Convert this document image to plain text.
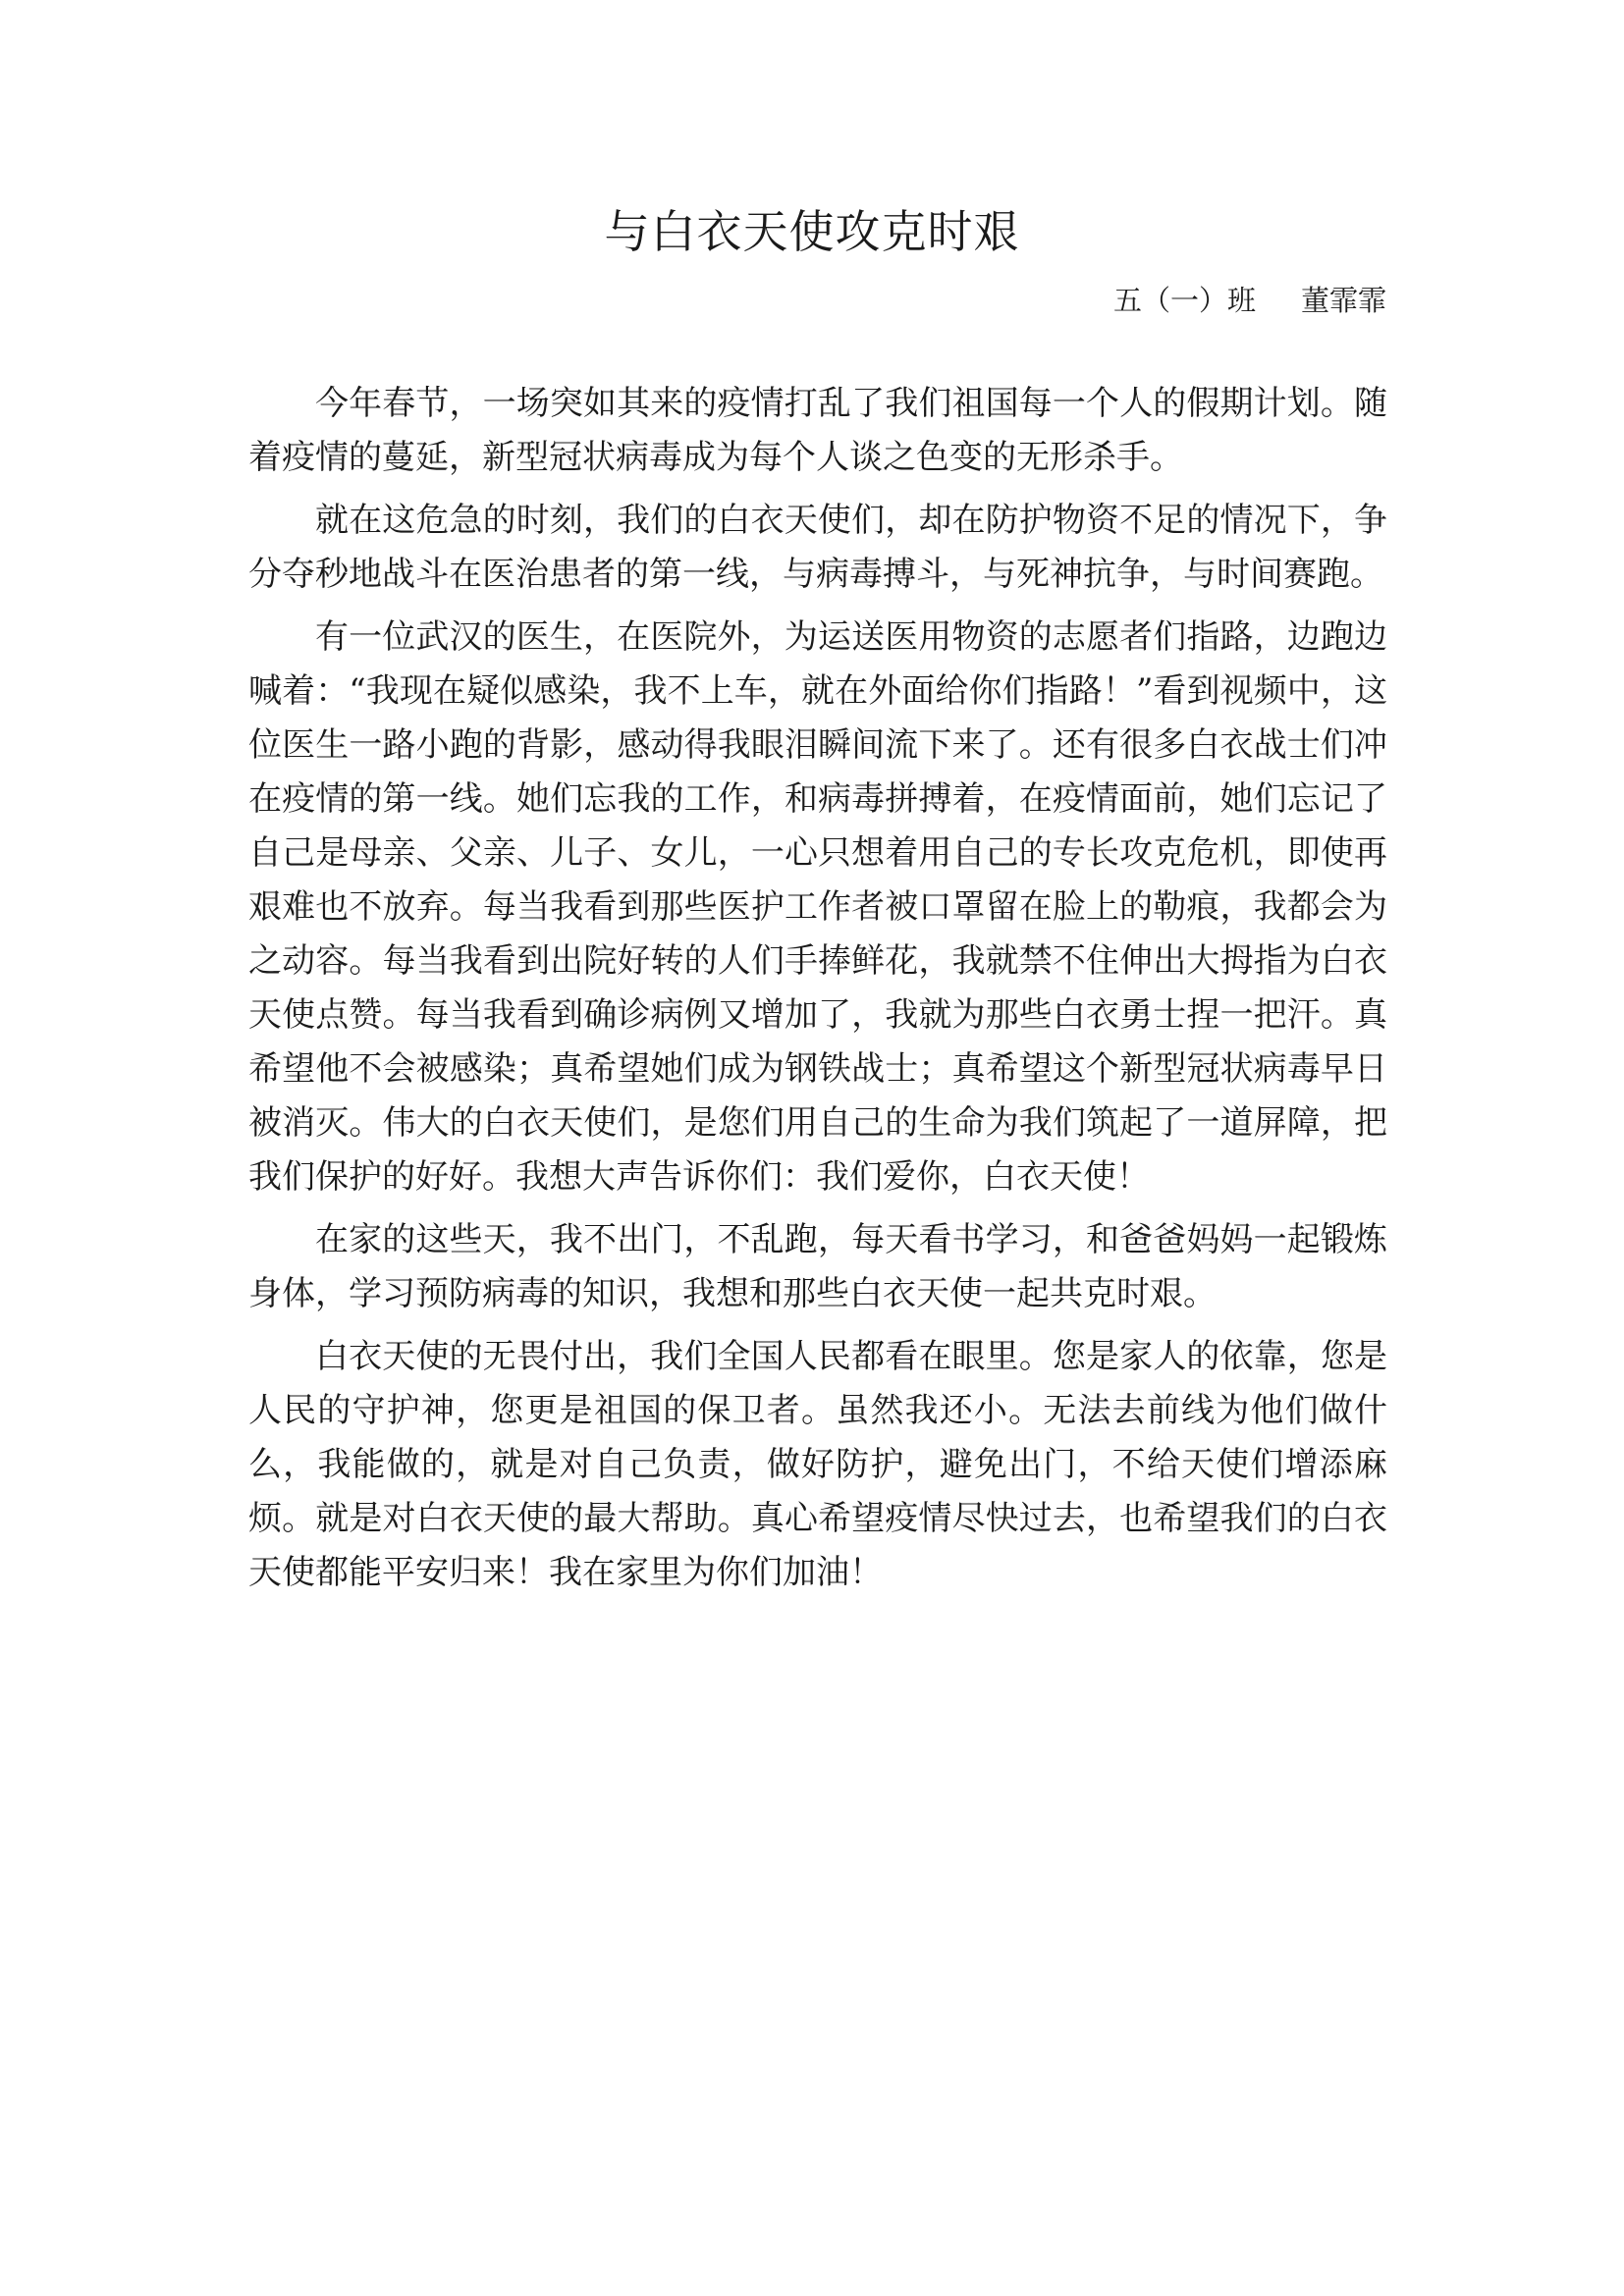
与白衣天使攻克时艰
五（一）班 董霏霏

今年春节，一场突如其来的疫情打乱了我们祖国每一个人的假期计划。随着疫情的蔓延，新型冠状病毒成为每个人谈之色变的无形杀手。

就在这危急的时刻，我们的白衣天使们，却在防护物资不足的情况下，争分夺秒地战斗在医治患者的第一线，与病毒搏斗，与死神抗争，与时间赛跑。

有一位武汉的医生，在医院外，为运送医用物资的志愿者们指路，边跑边喊着：“我现在疑似感染，我不上车，就在外面给你们指路！”看到视频中，这位医生一路小跑的背影，感动得我眼泪瞬间流下来了。还有很多白衣战士们冲在疫情的第一线。她们忘我的工作，和病毒拼搏着，在疫情面前，她们忘记了自己是母亲、父亲、儿子、女儿，一心只想着用自己的专长攻克危机，即使再艰难也不放弃。每当我看到那些医护工作者被口罩留在脸上的勒痕，我都会为之动容。每当我看到出院好转的人们手捧鲜花，我就禁不住伸出大拇指为白衣天使点赞。每当我看到确诊病例又增加了，我就为那些白衣勇士捏一把汗。真希望他不会被感染；真希望她们成为钢铁战士；真希望这个新型冠状病毒早日被消灭。伟大的白衣天使们，是您们用自己的生命为我们筑起了一道屏障，把我们保护的好好。我想大声告诉你们：我们爱你，白衣天使！

在家的这些天，我不出门，不乱跑，每天看书学习，和爸爸妈妈一起锻炼身体，学习预防病毒的知识，我想和那些白衣天使一起共克时艰。

白衣天使的无畏付出，我们全国人民都看在眼里。您是家人的依靠，您是人民的守护神，您更是祖国的保卫者。虽然我还小。无法去前线为他们做什么，我能做的，就是对自己负责，做好防护，避免出门，不给天使们增添麻烦。就是对白衣天使的最大帮助。真心希望疫情尽快过去，也希望我们的白衣天使都能平安归来！我在家里为你们加油！
